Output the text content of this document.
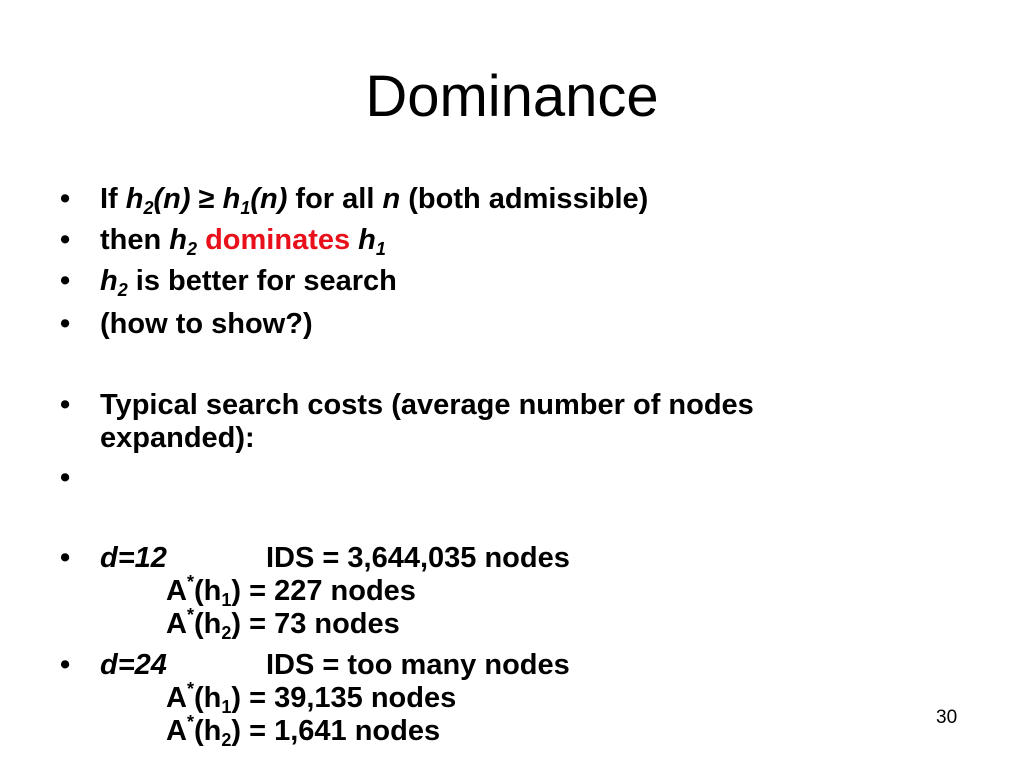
Dominance
•	If $h_2(n) \ge h_1(n)$ for all n (both admissible)
•	then $h_2$ dominates $h_1$
•	$h_2$ is better for search
•	(how to show?)
•	Typical search costs (average number of nodes
expanded):
•
•	d=12	IDS = 3,644,035 nodes
$A^*(h_1) = 227$ nodes
$A^*(h_2) = 73$ nodes
•	d=24	IDS = too many nodes
$A^*(h_1) = 39,135$ nodes
$A^*(h_2) = 1,641$ nodes	30
